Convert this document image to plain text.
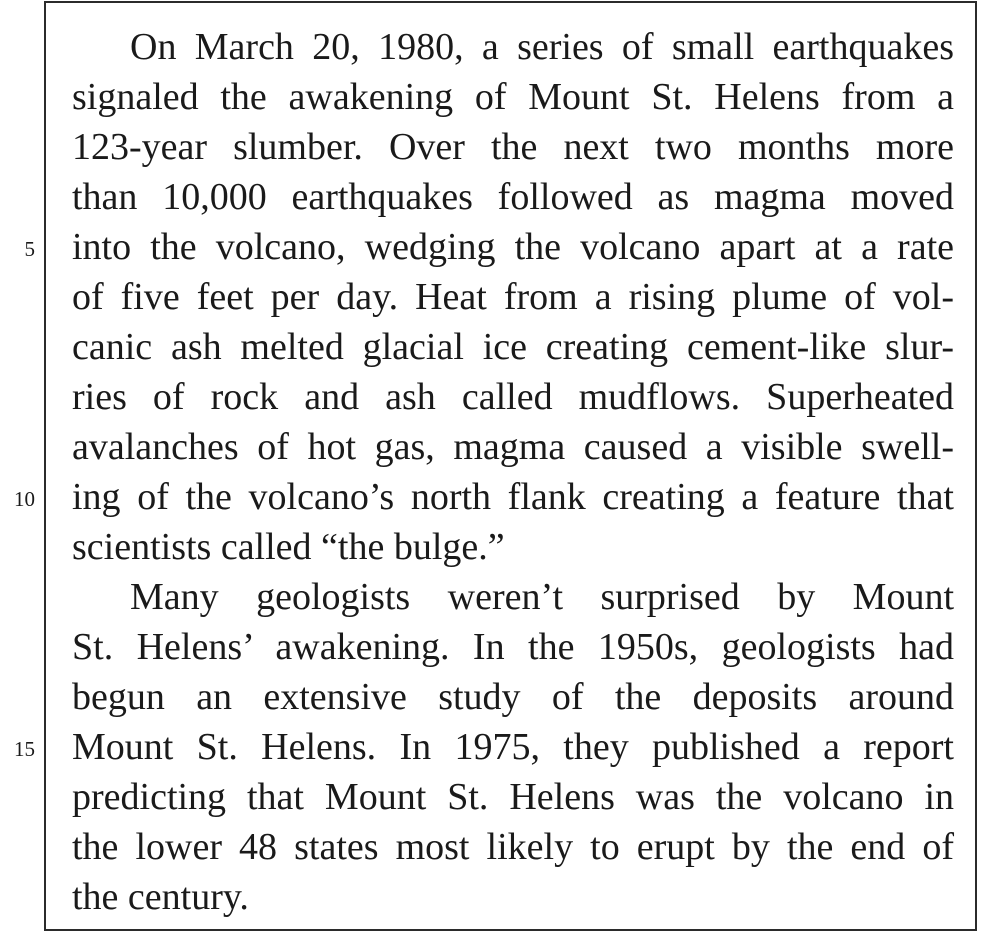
On March 20, 1980, a series of small earthquakes
signaled the awakening of Mount St. Helens from a
123-year slumber. Over the next two months more
than 10,000 earthquakes followed as magma moved
into the volcano, wedging the volcano apart at a rate
of five feet per day. Heat from a rising plume of vol-
canic ash melted glacial ice creating cement-like slur-
ries of rock and ash called mudflows. Superheated
avalanches of hot gas, magma caused a visible swell-
ing of the volcano’s north flank creating a feature that
scientists called “the bulge.”
Many geologists weren’t surprised by Mount
St. Helens’ awakening. In the 1950s, geologists had
begun an extensive study of the deposits around
Mount St. Helens. In 1975, they published a report
predicting that Mount St. Helens was the volcano in
the lower 48 states most likely to erupt by the end of
the century.
5
10
15
